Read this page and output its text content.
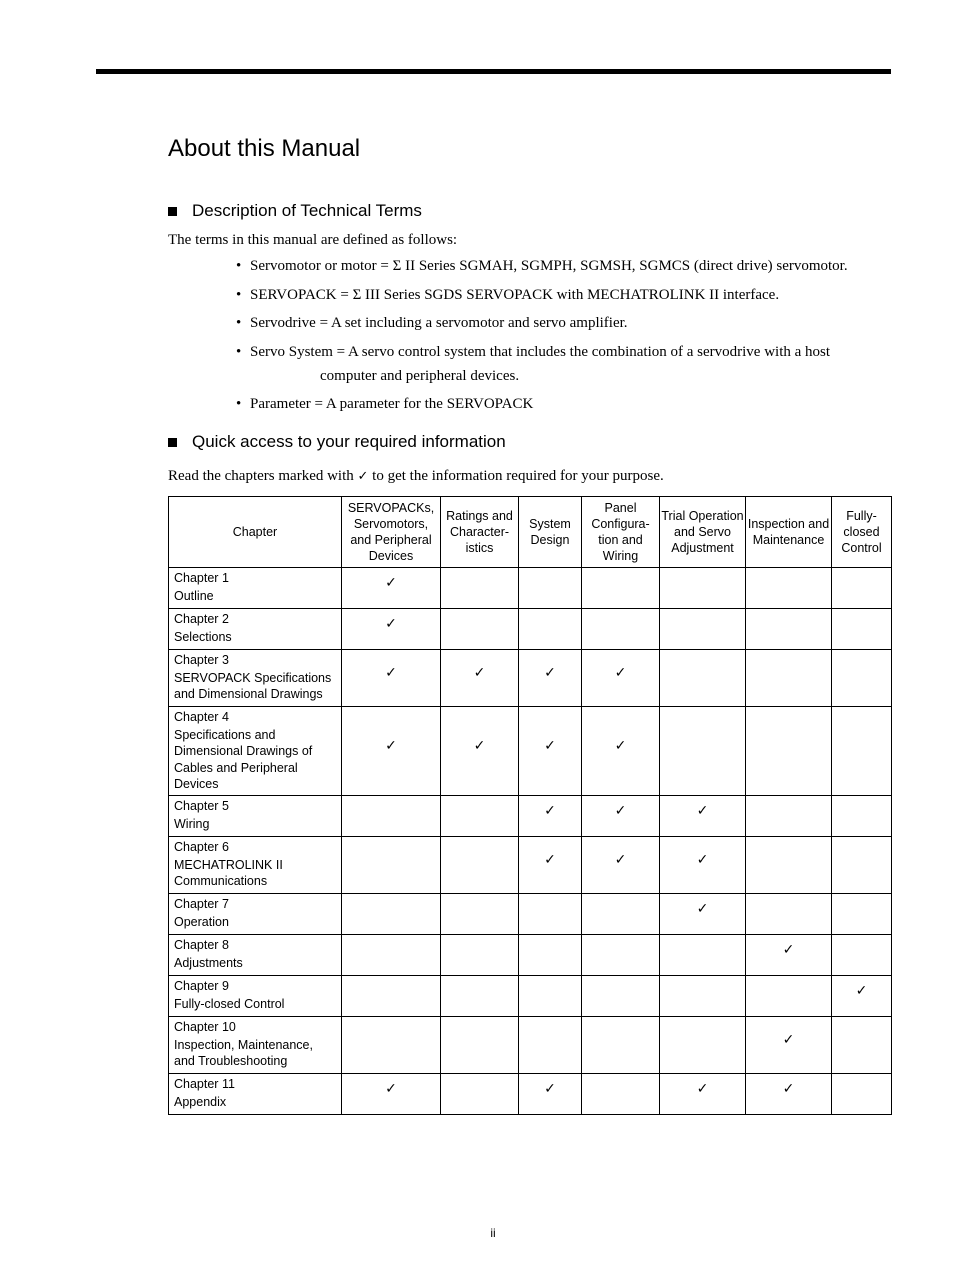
About this Manual
Description of Technical Terms

The terms in this manual are defined as follows:

• Servomotor or motor = Σ II Series SGMAH, SGMPH, SGMSH, SGMCS (direct drive) servomotor.
• SERVOPACK = Σ III Series SGDS SERVOPACK with MECHATROLINK II interface.
• Servodrive = A set including a servomotor and servo amplifier.
• Servo System = A servo control system that includes the combination of a servodrive with a host
computer and peripheral devices.
• Parameter = A parameter for the SERVOPACK
Quick access to your required information

Read the chapters marked with ✓ to get the information required for your purpose.

Chapter	SERVOPACKs, Servomotors, and Peripheral Devices	Ratings and Character-istics	System Design	Panel Configura-tion and Wiring	Trial Operation and Servo Adjustment	Inspection and Maintenance	Fully-closed Control

Chapter 1
Outline	✓						

Chapter 2
Selections	✓						

Chapter 3
SERVOPACK Specifications and Dimensional Drawings	✓	✓	✓	✓			

Chapter 4
Specifications and Dimensional Drawings of Cables and Peripheral Devices	✓	✓	✓	✓			

Chapter 5
Wiring			✓	✓	✓		

Chapter 6
MECHATROLINK II Communications			✓	✓	✓		

Chapter 7
Operation					✓		

Chapter 8
Adjustments						✓	

Chapter 9
Fully-closed Control							✓

Chapter 10
Inspection, Maintenance, and Troubleshooting						✓	

Chapter 11
Appendix	✓		✓		✓	✓	
ii
